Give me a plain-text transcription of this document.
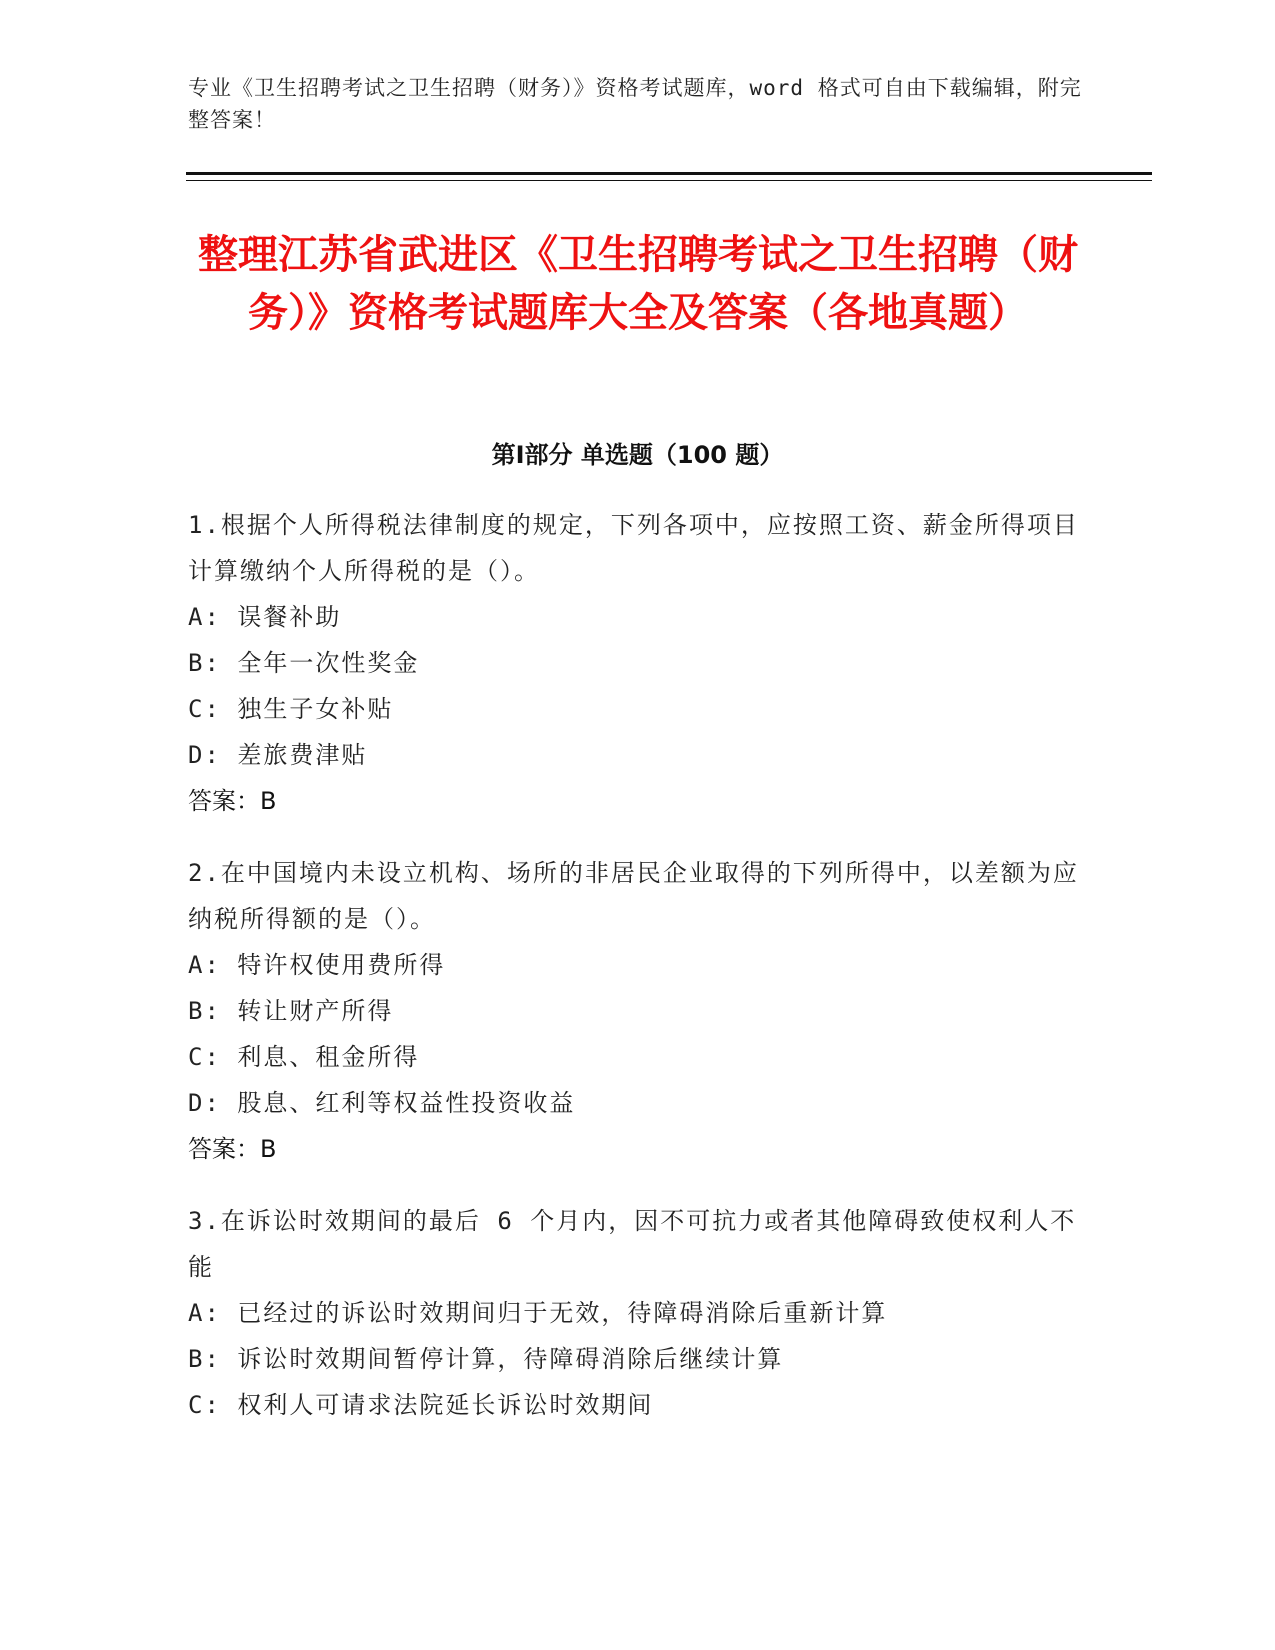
专业《卫生招聘考试之卫生招聘（财务）》资格考试题库，word 格式可自由下载编辑，附完整答案！
整理江苏省武进区《卫生招聘考试之卫生招聘（财务）》资格考试题库大全及答案（各地真题）
第Ⅰ部分 单选题（100 题）

1.根据个人所得税法律制度的规定，下列各项中，应按照工资、薪金所得项目计算缴纳个人所得税的是（）。

A: 误餐补助
B: 全年一次性奖金
C: 独生子女补贴
D: 差旅费津贴
答案：B

2.在中国境内未设立机构、场所的非居民企业取得的下列所得中，以差额为应纳税所得额的是（）。

A: 特许权使用费所得
B: 转让财产所得
C: 利息、租金所得
D: 股息、红利等权益性投资收益
答案：B

3.在诉讼时效期间的最后 6 个月内，因不可抗力或者其他障碍致使权利人不能

A: 已经过的诉讼时效期间归于无效，待障碍消除后重新计算
B: 诉讼时效期间暂停计算，待障碍消除后继续计算
C: 权利人可请求法院延长诉讼时效期间
